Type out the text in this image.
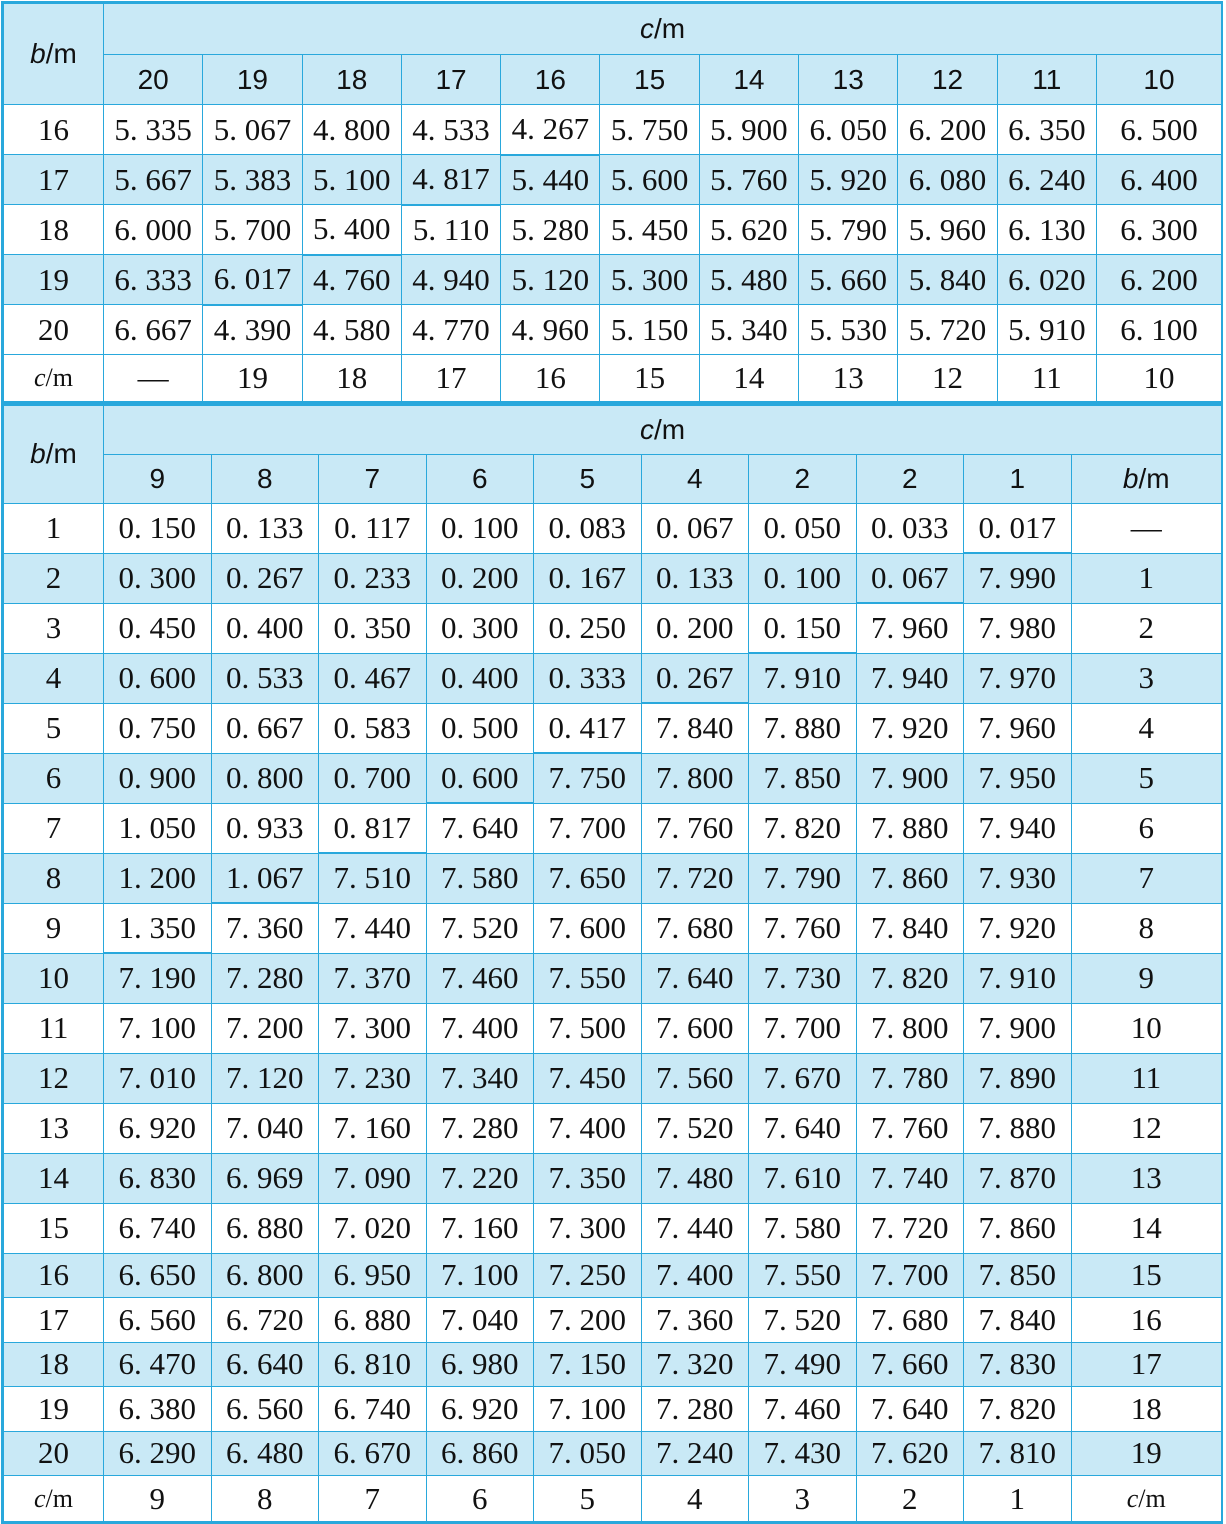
b/m	c/m										
	20	19	18	17	16	15	14	13	12	11	10
16	5. 335	5. 067	4. 800	4. 533	4. 267	5. 750	5. 900	6. 050	6. 200	6. 350	6. 500
17	5. 667	5. 383	5. 100	4. 817	5. 440	5. 600	5. 760	5. 920	6. 080	6. 240	6. 400
18	6. 000	5. 700	5. 400	5. 110	5. 280	5. 450	5. 620	5. 790	5. 960	6. 130	6. 300
19	6. 333	6. 017	4. 760	4. 940	5. 120	5. 300	5. 480	5. 660	5. 840	6. 020	6. 200
20	6. 667	4. 390	4. 580	4. 770	4. 960	5. 150	5. 340	5. 530	5. 720	5. 910	6. 100
c/m	—	19	18	17	16	15	14	13	12	11	10
b/m	c/m									
	9	8	7	6	5	4	2	2	1	b/m
1	0. 150	0. 133	0. 117	0. 100	0. 083	0. 067	0. 050	0. 033	0. 017	—
2	0. 300	0. 267	0. 233	0. 200	0. 167	0. 133	0. 100	0. 067	7. 990	1
3	0. 450	0. 400	0. 350	0. 300	0. 250	0. 200	0. 150	7. 960	7. 980	2
4	0. 600	0. 533	0. 467	0. 400	0. 333	0. 267	7. 910	7. 940	7. 970	3
5	0. 750	0. 667	0. 583	0. 500	0. 417	7. 840	7. 880	7. 920	7. 960	4
6	0. 900	0. 800	0. 700	0. 600	7. 750	7. 800	7. 850	7. 900	7. 950	5
7	1. 050	0. 933	0. 817	7. 640	7. 700	7. 760	7. 820	7. 880	7. 940	6
8	1. 200	1. 067	7. 510	7. 580	7. 650	7. 720	7. 790	7. 860	7. 930	7
9	1. 350	7. 360	7. 440	7. 520	7. 600	7. 680	7. 760	7. 840	7. 920	8
10	7. 190	7. 280	7. 370	7. 460	7. 550	7. 640	7. 730	7. 820	7. 910	9
11	7. 100	7. 200	7. 300	7. 400	7. 500	7. 600	7. 700	7. 800	7. 900	10
12	7. 010	7. 120	7. 230	7. 340	7. 450	7. 560	7. 670	7. 780	7. 890	11
13	6. 920	7. 040	7. 160	7. 280	7. 400	7. 520	7. 640	7. 760	7. 880	12
14	6. 830	6. 969	7. 090	7. 220	7. 350	7. 480	7. 610	7. 740	7. 870	13
15	6. 740	6. 880	7. 020	7. 160	7. 300	7. 440	7. 580	7. 720	7. 860	14
16	6. 650	6. 800	6. 950	7. 100	7. 250	7. 400	7. 550	7. 700	7. 850	15
17	6. 560	6. 720	6. 880	7. 040	7. 200	7. 360	7. 520	7. 680	7. 840	16
18	6. 470	6. 640	6. 810	6. 980	7. 150	7. 320	7. 490	7. 660	7. 830	17
19	6. 380	6. 560	6. 740	6. 920	7. 100	7. 280	7. 460	7. 640	7. 820	18
20	6. 290	6. 480	6. 670	6. 860	7. 050	7. 240	7. 430	7. 620	7. 810	19
c/m	9	8	7	6	5	4	3	2	1	c/m
